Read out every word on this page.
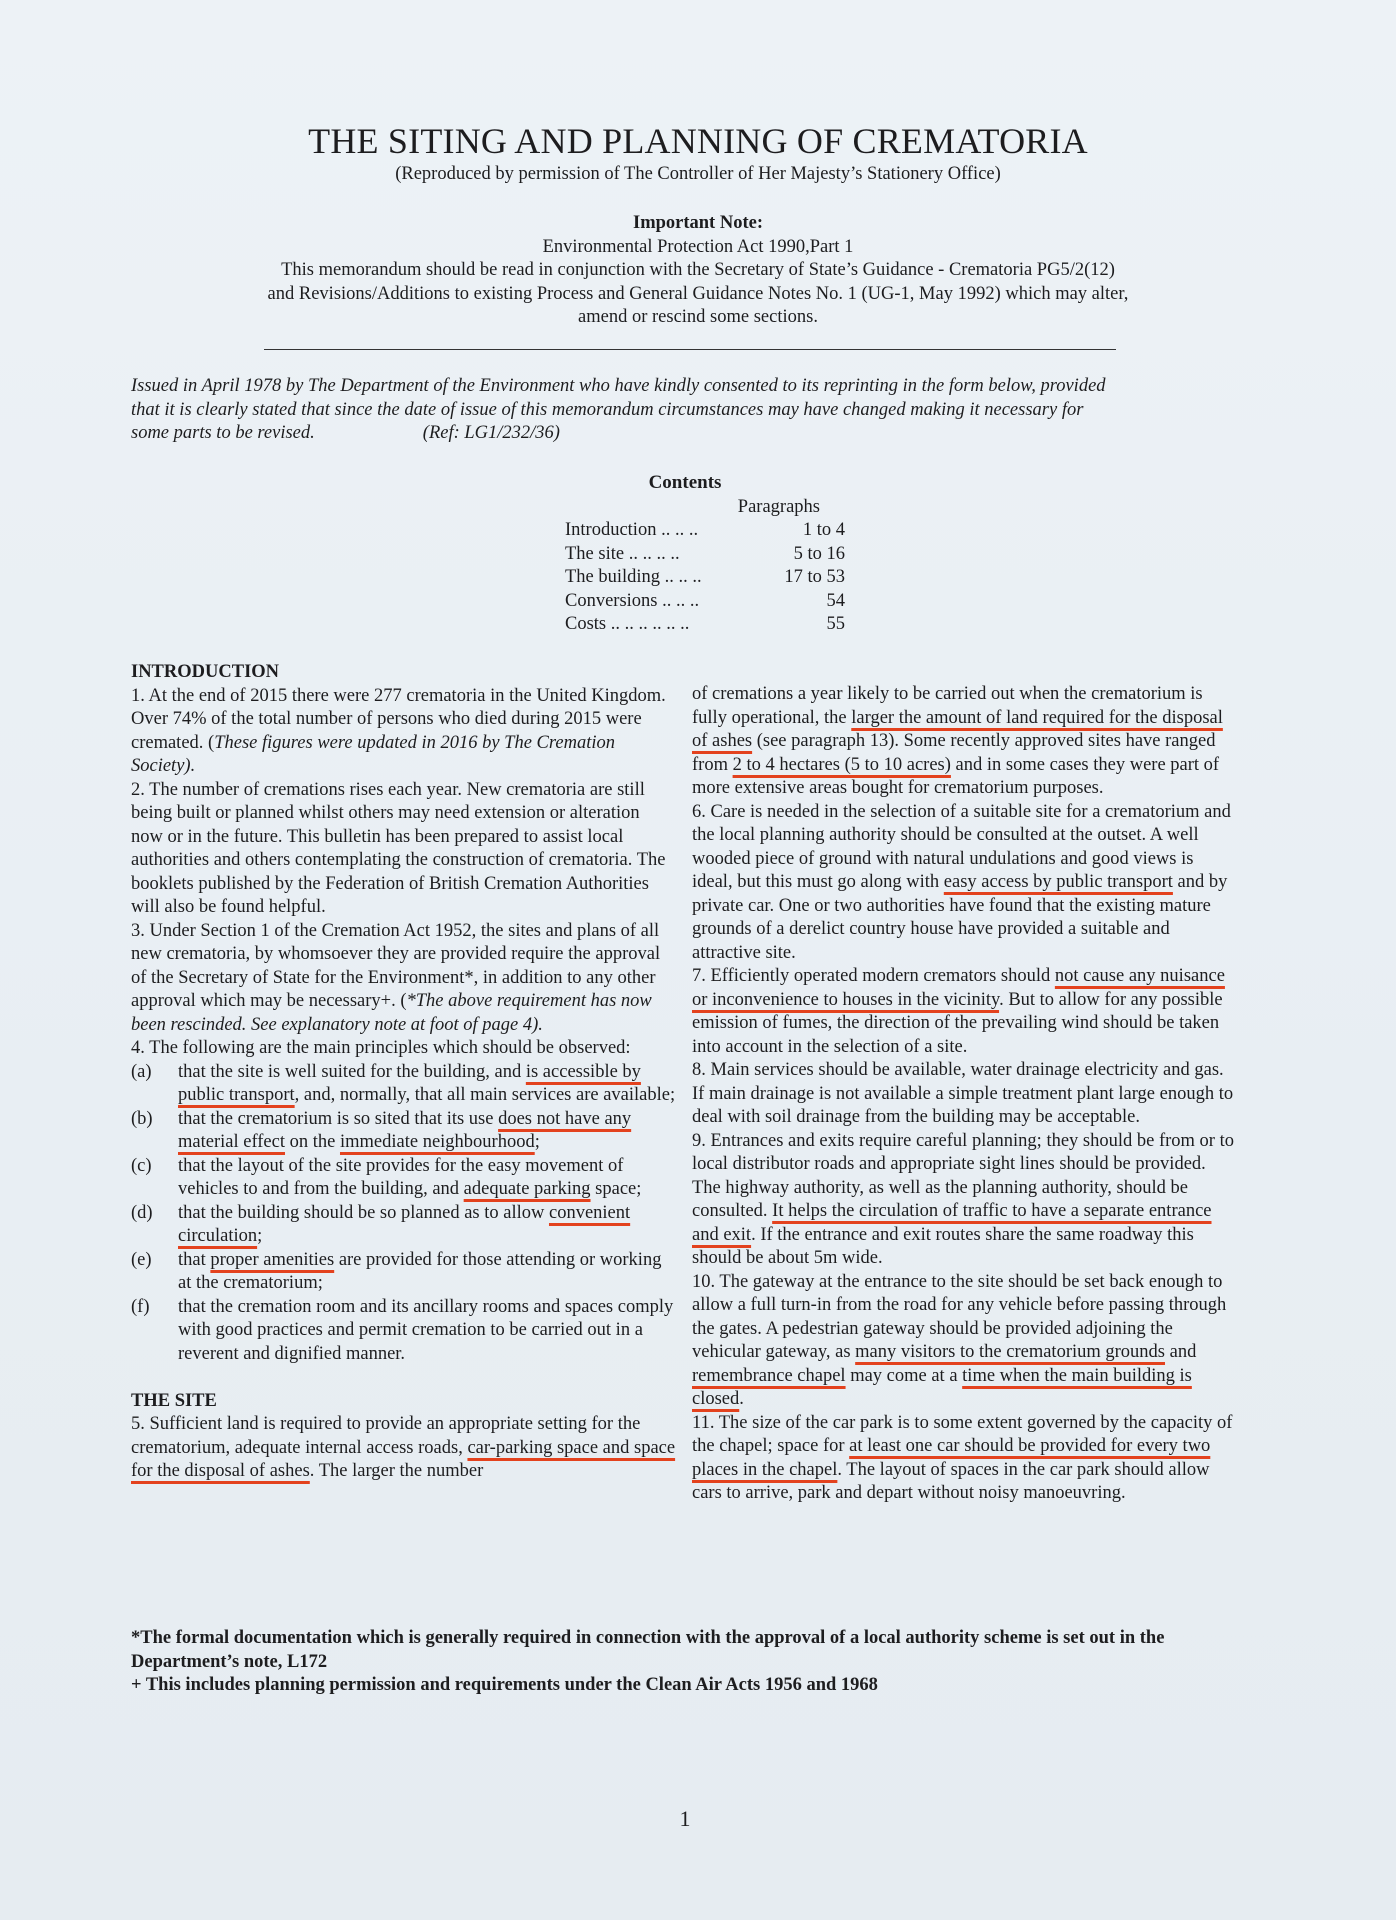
THE SITING AND PLANNING OF CREMATORIA
(Reproduced by permission of The Controller of Her Majesty’s Stationery Office)
Important Note:
Environmental Protection Act 1990,Part 1
This memorandum should be read in conjunction with the Secretary of State’s Guidance - Crematoria PG5/2(12)
and Revisions/Additions to existing Process and General Guidance Notes No. 1 (UG-1, May 1992) which may alter,
amend or rescind some sections.
Issued in April 1978 by The Department of the Environment who have kindly consented to its reprinting in the form below, provided
that it is clearly stated that since the date of issue of this memorandum circumstances may have changed making it necessary for
some parts to be revised.	(Ref: LG1/232/36)
Contents
Paragraphs
Introduction .. .. ..	1 to 4
The site .. .. .. ..	5 to 16
The building .. .. ..	17 to 53
Conversions .. .. ..	54
Costs .. .. .. .. .. ..	55

INTRODUCTION

1. At the end of 2015 there were 277 crematoria in the United Kingdom. Over 74% of the total number of persons who died during 2015 were cremated. (These figures were updated in 2016 by The Cremation Society).

2. The number of cremations rises each year. New crematoria are still being built or planned whilst others may need extension or alteration now or in the future. This bulletin has been prepared to assist local authorities and others contemplating the construction of crematoria. The booklets published by the Federation of British Cremation Authorities will also be found helpful.

3. Under Section 1 of the Cremation Act 1952, the sites and plans of all new crematoria, by whomsoever they are provided require the approval of the Secretary of State for the Environment*, in addition to any other approval which may be necessary+. (*The above requirement has now been rescinded. See explanatory note at foot of page 4).

4. The following are the main principles which should be observed:

(a)	that the site is well suited for the building, and is accessible by public transport, and, normally, that all main services are available;
(b)	that the crematorium is so sited that its use does not have any material effect on the immediate neighbourhood;
(c)	that the layout of the site provides for the easy movement of vehicles to and from the building, and adequate parking space;
(d)	that the building should be so planned as to allow convenient circulation;
(e)	that proper amenities are provided for those attending or working at the crematorium;
(f)	that the cremation room and its ancillary rooms and spaces comply with good practices and permit cremation to be carried out in a reverent and dignified manner.

THE SITE

5. Sufficient land is required to provide an appropriate setting for the crematorium, adequate internal access roads, car-parking space and space for the disposal of ashes. The larger the number

of cremations a year likely to be carried out when the crematorium is fully operational, the larger the amount of land required for the disposal of ashes (see paragraph 13). Some recently approved sites have ranged from 2 to 4 hectares (5 to 10 acres) and in some cases they were part of more extensive areas bought for crematorium purposes.

6. Care is needed in the selection of a suitable site for a crematorium and the local planning authority should be consulted at the outset. A well wooded piece of ground with natural undulations and good views is ideal, but this must go along with easy access by public transport and by private car. One or two authorities have found that the existing mature grounds of a derelict country house have provided a suitable and attractive site.

7. Efficiently operated modern cremators should not cause any nuisance or inconvenience to houses in the vicinity. But to allow for any possible emission of fumes, the direction of the prevailing wind should be taken into account in the selection of a site.

8. Main services should be available, water drainage electricity and gas. If main drainage is not available a simple treatment plant large enough to deal with soil drainage from the building may be acceptable.

9. Entrances and exits require careful planning; they should be from or to local distributor roads and appropriate sight lines should be provided. The highway authority, as well as the planning authority, should be consulted. It helps the circulation of traffic to have a separate entrance and exit. If the entrance and exit routes share the same roadway this should be about 5m wide.

10. The gateway at the entrance to the site should be set back enough to allow a full turn-in from the road for any vehicle before passing through the gates. A pedestrian gateway should be provided adjoining the vehicular gateway, as many visitors to the crematorium grounds and remembrance chapel may come at a time when the main building is closed.

11. The size of the car park is to some extent governed by the capacity of the chapel; space for at least one car should be provided for every two places in the chapel. The layout of spaces in the car park should allow cars to arrive, park and depart without noisy manoeuvring.

*The formal documentation which is generally required in connection with the approval of a local authority scheme is set out in the Department’s note, L172

+ This includes planning permission and requirements under the Clean Air Acts 1956 and 1968

1
